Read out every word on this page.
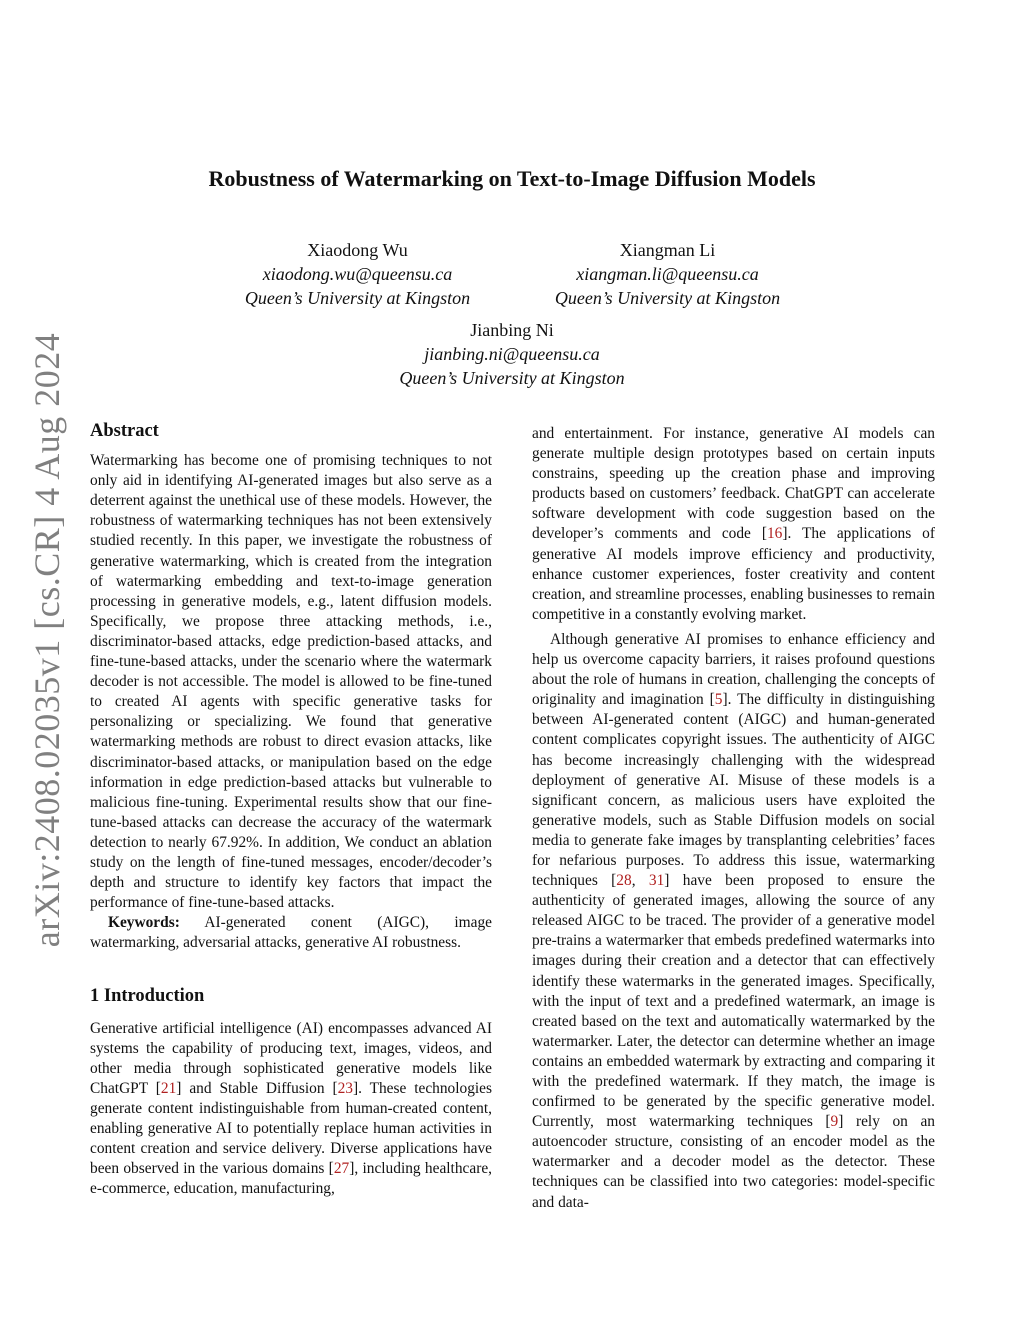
arXiv:2408.02035v1 [cs.CR] 4 Aug 2024
Robustness of Watermarking on Text-to-Image Diffusion Models
Xiaodong Wu
xiaodong.wu@queensu.ca
Queen’s University at Kingston
Xiangman Li
xiangman.li@queensu.ca
Queen’s University at Kingston
Jianbing Ni
jianbing.ni@queensu.ca
Queen’s University at Kingston

Abstract

Watermarking has become one of promising techniques to not only aid in identifying AI-generated images but also serve as a deterrent against the unethical use of these models. However, the robustness of watermarking techniques has not been extensively studied recently. In this paper, we investigate the robustness of generative watermarking, which is created from the integration of watermarking embedding and text-to-image generation processing in generative models, e.g., latent diffusion models. Specifically, we propose three attacking methods, i.e., discriminator-based attacks, edge prediction-based attacks, and fine-tune-based attacks, under the scenario where the watermark decoder is not accessible. The model is allowed to be fine-tuned to created AI agents with specific generative tasks for personalizing or specializing. We found that generative watermarking methods are robust to direct evasion attacks, like discriminator-based attacks, or manipulation based on the edge information in edge prediction-based attacks but vulnerable to malicious fine-tuning. Experimental results show that our fine-tune-based attacks can decrease the accuracy of the watermark detection to nearly 67.92%. In addition, We conduct an ablation study on the length of fine-tuned messages, encoder/decoder’s depth and structure to identify key factors that impact the performance of fine-tune-based attacks.

Keywords: AI-generated conent (AIGC), image watermarking, adversarial attacks, generative AI robustness.

1 Introduction

Generative artificial intelligence (AI) encompasses advanced AI systems the capability of producing text, images, videos, and other media through sophisticated generative models like ChatGPT [21] and Stable Diffusion [23]. These technologies generate content indistinguishable from human-created content, enabling generative AI to potentially replace human activities in content creation and service delivery. Diverse applications have been observed in the various domains [27], including healthcare, e-commerce, education, manufacturing,

and entertainment. For instance, generative AI models can generate multiple design prototypes based on certain inputs constrains, speeding up the creation phase and improving products based on customers’ feedback. ChatGPT can accelerate software development with code suggestion based on the developer’s comments and code [16]. The applications of generative AI models improve efficiency and productivity, enhance customer experiences, foster creativity and content creation, and streamline processes, enabling businesses to remain competitive in a constantly evolving market.

Although generative AI promises to enhance efficiency and help us overcome capacity barriers, it raises profound questions about the role of humans in creation, challenging the concepts of originality and imagination [5]. The difficulty in distinguishing between AI-generated content (AIGC) and human-generated content complicates copyright issues. The authenticity of AIGC has become increasingly challenging with the widespread deployment of generative AI. Misuse of these models is a significant concern, as malicious users have exploited the generative models, such as Stable Diffusion models on social media to generate fake images by transplanting celebrities’ faces for nefarious purposes. To address this issue, watermarking techniques [28, 31] have been proposed to ensure the authenticity of generated images, allowing the source of any released AIGC to be traced. The provider of a generative model pre-trains a watermarker that embeds predefined watermarks into images during their creation and a detector that can effectively identify these watermarks in the generated images. Specifically, with the input of text and a predefined watermark, an image is created based on the text and automatically watermarked by the watermarker. Later, the detector can determine whether an image contains an embedded watermark by extracting and comparing it with the predefined watermark. If they match, the image is confirmed to be generated by the specific generative model. Currently, most watermarking techniques [9] rely on an autoencoder structure, consisting of an encoder model as the watermarker and a decoder model as the detector. These techniques can be classified into two categories: model-specific and data-
